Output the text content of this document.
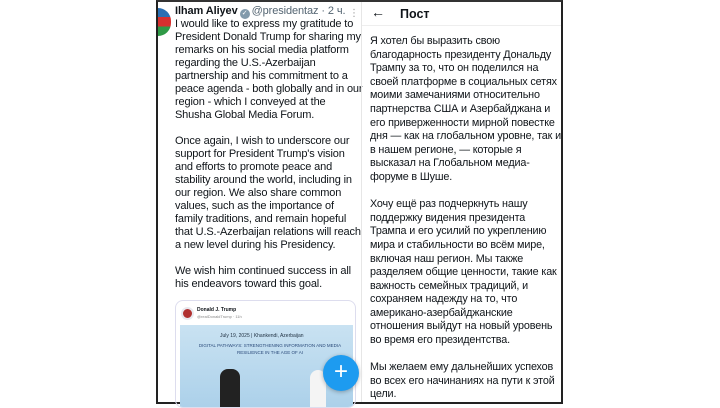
Ilham Aliyev ✓ @presidentaz · 2 ч. ⋮

I would like to express my gratitude to President Donald Trump for sharing my remarks on his social media platform regarding the U.S.-Azerbaijan partnership and his commitment to a peace agenda - both globally and in our region - which I conveyed at the Shusha Global Media Forum.

Once again, I wish to underscore our support for President Trump's vision and efforts to promote peace and stability around the world, including in our region. We also share common values, such as the importance of family traditions, and remain hopeful that U.S.-Azerbaijan relations will reach a new level during his Presidency.

We wish him continued success in all his endeavors toward this goal.

Donald J. Trump
@realDonaldTrump · 11h
July 19, 2025 | Khankendi, Azerbaijan
DIGITAL PATHWAYS: STRENGTHENING INFORMATION AND MEDIA RESILIENCE IN THE AGE OF AI
+
← Пост

Я хотел бы выразить свою благодарность президенту Дональду Трампу за то, что он поделился на своей платформе в социальных сетях моими замечаниями относительно партнерства США и Азербайджана и его приверженности мирной повестке дня — как на глобальном уровне, так и в нашем регионе, — которые я высказал на Глобальном медиа-форуме в Шуше.

Хочу ещё раз подчеркнуть нашу поддержку видения президента Трампа и его усилий по укреплению мира и стабильности во всём мире, включая наш регион. Мы также разделяем общие ценности, такие как важность семейных традиций, и сохраняем надежду на то, что американо-азербайджанские отношения выйдут на новый уровень во время его президентства.

Мы желаем ему дальнейших успехов во всех его начинаниях на пути к этой цели.
